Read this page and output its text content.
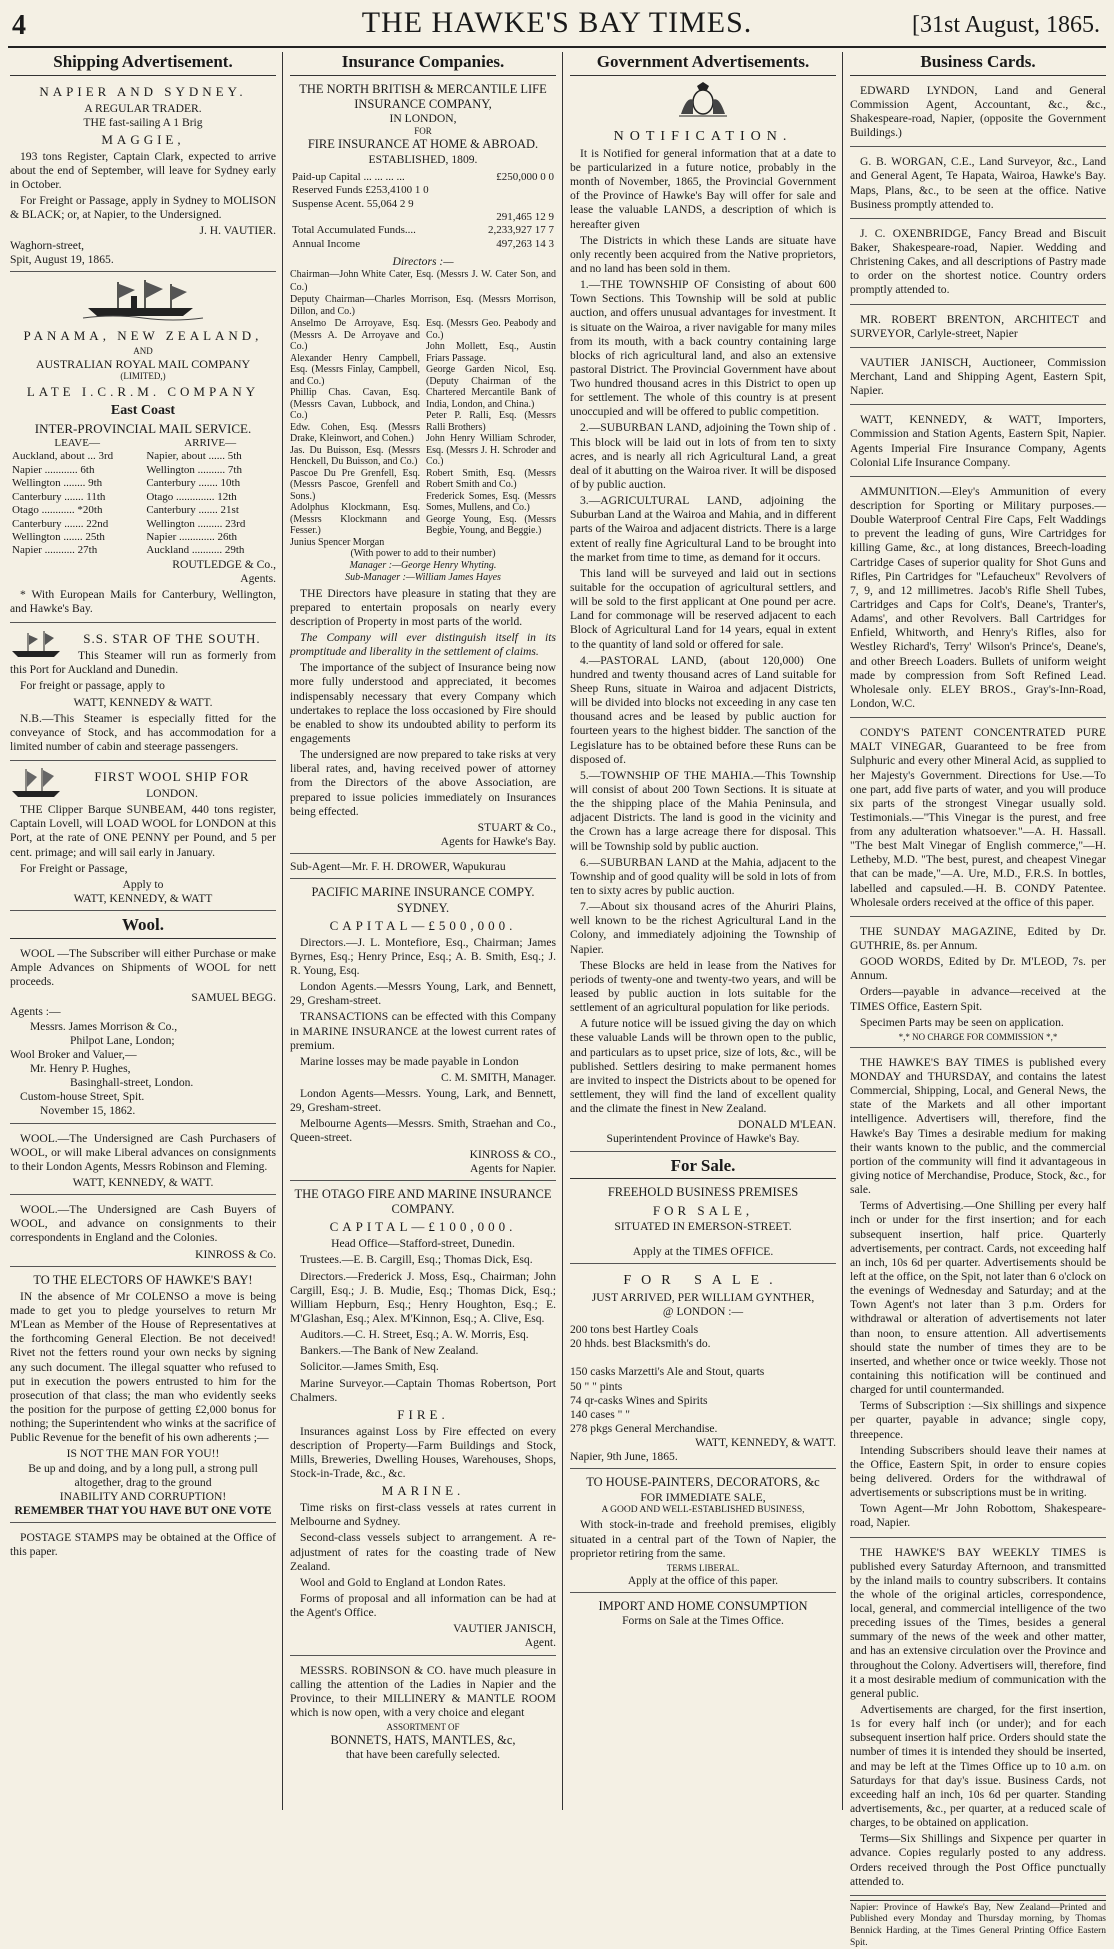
4	THE HAWKE'S BAY TIMES.	[31st August, 1865.
Shipping Advertisement.
NAPIER AND SYDNEY.
A REGULAR TRADER.
THE fast-sailing A 1 Brig
MAGGIE,

193 tons Register, Captain Clark, expected to arrive about the end of September, will leave for Sydney early in October.

For Freight or Passage, apply in Sydney to MOLISON & BLACK; or, at Napier, to the Undersigned.

J. H. VAUTIER.
Waghorn-street,
Spit, August 19, 1865.
PANAMA, NEW ZEALAND,
AND
AUSTRALIAN ROYAL MAIL COMPANY
(LIMITED,)
LATE I.C.R.M. COMPANY
East Coast
INTER-PROVINCIAL MAIL SERVICE.
LEAVE—	ARRIVE—
Auckland, about ... 3rd	Napier, about ...... 5th
Napier ............ 6th	Wellington .......... 7th
Wellington ........ 9th	Canterbury ....... 10th
Canterbury ....... 11th	Otago .............. 12th
Otago ............ *20th	Canterbury ....... 21st
Canterbury ....... 22nd	Wellington ......... 23rd
Wellington ....... 25th	Napier ............. 26th
Napier ........... 27th	Auckland ........... 29th
ROUTLEDGE & Co.,
Agents.

* With European Mails for Canterbury, Wellington, and Hawke's Bay.

S.S. STAR OF THE SOUTH.

This Steamer will run as formerly from this Port for Auckland and Dunedin.

For freight or passage, apply to

WATT, KENNEDY & WATT.

N.B.—This Steamer is especially fitted for the conveyance of Stock, and has accommodation for a limited number of cabin and steerage passengers.

FIRST WOOL SHIP FOR
LONDON.

THE Clipper Barque SUNBEAM, 440 tons register, Captain Lovell, will LOAD WOOL for LONDON at this Port, at the rate of ONE PENNY per Pound, and 5 per cent. primage; and will sail early in January.

For Freight or Passage,

Apply to
WATT, KENNEDY, & WATT
Wool.

WOOL —The Subscriber will either Purchase or make Ample Advances on Shipments of WOOL for nett proceeds.

SAMUEL BEGG.
Agents :—
Messrs. James Morrison & Co.,
Philpot Lane, London;
Wool Broker and Valuer,—
Mr. Henry P. Hughes,
Basinghall-street, London.
Custom-house Street, Spit.
November 15, 1862.

WOOL.—The Undersigned are Cash Purchasers of WOOL, or will make Liberal advances on consignments to their London Agents, Messrs Robinson and Fleming.

WATT, KENNEDY, & WATT.

WOOL.—The Undersigned are Cash Buyers of WOOL, and advance on consignments to their correspondents in England and the Colonies.

KINROSS & Co.
TO THE ELECTORS OF HAWKE'S BAY!

IN the absence of Mr COLENSO a move is being made to get you to pledge yourselves to return Mr M'Lean as Member of the House of Representatives at the forthcoming General Election. Be not deceived! Rivet not the fetters round your own necks by signing any such document. The illegal squatter who refused to put in execution the powers entrusted to him for the prosecution of that class; the man who evidently seeks the position for the purpose of getting £2,000 bonus for nothing; the Superintendent who winks at the sacrifice of Public Revenue for the benefit of his own adherents ;—

IS NOT THE MAN FOR YOU!!
Be up and doing, and by a long pull, a strong pull altogether, drag to the ground
INABILITY AND CORRUPTION!
REMEMBER THAT YOU HAVE BUT ONE VOTE

POSTAGE STAMPS may be obtained at the Office of this paper.

Insurance Companies.
THE NORTH BRITISH & MERCANTILE LIFE INSURANCE COMPANY,
IN LONDON,
FOR
FIRE INSURANCE AT HOME & ABROAD.
ESTABLISHED, 1809.
Paid-up Capital ... ... ... ...	£250,000 0 0
Reserved Funds £253,4100 1 0	
Suspense Acent. 55,064 2 9	
	291,465 12 9
Total Accumulated Funds....	2,233,927 17 7
Annual Income	497,263 14 3
Directors :—
Chairman—John White Cater, Esq. (Messrs J. W. Cater Son, and Co.)
Deputy Chairman—Charles Morrison, Esq. (Messrs Morrison, Dillon, and Co.)
Anselmo De Arroyave, Esq. (Messrs A. De Arroyave and Co.)
Alexander Henry Campbell, Esq. (Messrs Finlay, Campbell, and Co.)
Phillip Chas. Cavan, Esq. (Messrs Cavan, Lubbock, and Co.)
Edw. Cohen, Esq. (Messrs Drake, Kleinwort, and Cohen.)
Jas. Du Buisson, Esq. (Messrs Henckell, Du Buisson, and Co.)
Pascoe Du Pre Grenfell, Esq. (Messrs Pascoe, Grenfell and Sons.)
Adolphus Klockmann, Esq. (Messrs Klockmann and Fesser.)
Junius Spencer Morgan
Esq. (Messrs Geo. Peabody and Co.)
John Mollett, Esq., Austin Friars Passage.
George Garden Nicol, Esq. (Deputy Chairman of the Chartered Mercantile Bank of India, London, and China.)
Peter P. Ralli, Esq. (Messrs Ralli Brothers)
John Henry William Schroder, Esq. (Messrs J. H. Schroder and Co.)
Robert Smith, Esq. (Messrs Robert Smith and Co.)
Frederick Somes, Esq. (Messrs Somes, Mullens, and Co.)
George Young, Esq. (Messrs Begbie, Young, and Beggie.)
(With power to add to their number)
Manager :—George Henry Whyting.
Sub-Manager :—William James Hayes

THE Directors have pleasure in stating that they are prepared to entertain proposals on nearly every description of Property in most parts of the world.

The Company will ever distinguish itself in its promptitude and liberality in the settlement of claims.

The importance of the subject of Insurance being now more fully understood and appreciated, it becomes indispensably necessary that every Company which undertakes to replace the loss occasioned by Fire should be enabled to show its undoubted ability to perform its engagements

The undersigned are now prepared to take risks at very liberal rates, and, having received power of attorney from the Directors of the above Association, are prepared to issue policies immediately on Insurances being effected.

STUART & Co.,
Agents for Hawke's Bay.
Sub-Agent—Mr. F. H. DROWER, Wapukurau
PACIFIC MARINE INSURANCE COMPY. SYDNEY.
CAPITAL—£500,000.

Directors.—J. L. Montefiore, Esq., Chairman; James Byrnes, Esq.; Henry Prince, Esq.; A. B. Smith, Esq.; J. R. Young, Esq.

London Agents.—Messrs Young, Lark, and Bennett, 29, Gresham-street.

TRANSACTIONS can be effected with this Company in MARINE INSURANCE at the lowest current rates of premium.

Marine losses may be made payable in London

C. M. SMITH, Manager.

London Agents—Messrs. Young, Lark, and Bennett, 29, Gresham-street.

Melbourne Agents—Messrs. Smith, Straehan and Co., Queen-street.

KINROSS & CO.,
Agents for Napier.
THE OTAGO FIRE AND MARINE INSURANCE COMPANY.
CAPITAL—£100,000.
Head Office—Stafford-street, Dunedin.

Trustees.—E. B. Cargill, Esq.; Thomas Dick, Esq.

Directors.—Frederick J. Moss, Esq., Chairman; John Cargill, Esq.; J. B. Mudie, Esq.; Thomas Dick, Esq.; William Hepburn, Esq.; Henry Houghton, Esq.; E. M'Glashan, Esq.; Alex. M'Kinnon, Esq.; A. Clive, Esq.

Auditors.—C. H. Street, Esq.; A. W. Morris, Esq.

Bankers.—The Bank of New Zealand.

Solicitor.—James Smith, Esq.

Marine Surveyor.—Captain Thomas Robertson, Port Chalmers.

FIRE.

Insurances against Loss by Fire effected on every description of Property—Farm Buildings and Stock, Mills, Breweries, Dwelling Houses, Warehouses, Shops, Stock-in-Trade, &c., &c.

MARINE.

Time risks on first-class vessels at rates current in Melbourne and Sydney.

Second-class vessels subject to arrangement. A re-adjustment of rates for the coasting trade of New Zealand.

Wool and Gold to England at London Rates.

Forms of proposal and all information can be had at the Agent's Office.

VAUTIER JANISCH,
Agent.

MESSRS. ROBINSON & CO. have much pleasure in calling the attention of the Ladies in Napier and the Province, to their MILLINERY & MANTLE ROOM which is now open, with a very choice and elegant

ASSORTMENT OF
BONNETS, HATS, MANTLES, &c,
that have been carefully selected.
Government Advertisements.
NOTIFICATION.

It is Notified for general information that at a date to be particularized in a future notice, probably in the month of November, 1865, the Provincial Government of the Province of Hawke's Bay will offer for sale and lease the valuable LANDS, a description of which is hereafter given

The Districts in which these Lands are situate have only recently been acquired from the Native proprietors, and no land has been sold in them.

1.—THE TOWNSHIP OF Consisting of about 600 Town Sections. This Township will be sold at public auction, and offers unusual advantages for investment. It is situate on the Wairoa, a river navigable for many miles from its mouth, with a back country containing large blocks of rich agricultural land, and also an extensive pastoral District. The Provincial Government have about Two hundred thousand acres in this District to open up for settlement. The whole of this country is at present unoccupied and will be offered to public competition.

2.—SUBURBAN LAND, adjoining the Town ship of . This block will be laid out in lots of from ten to sixty acres, and is nearly all rich Agricultural Land, a great deal of it abutting on the Wairoa river. It will be disposed of by public auction.

3.—AGRICULTURAL LAND, adjoining the Suburban Land at the Wairoa and Mahia, and in different parts of the Wairoa and adjacent districts. There is a large extent of really fine Agricultural Land to be brought into the market from time to time, as demand for it occurs.

This land will be surveyed and laid out in sections suitable for the occupation of agricultural settlers, and will be sold to the first applicant at One pound per acre. Land for commonage will be reserved adjacent to each Block of Agricultural Land for 14 years, equal in extent to the quantity of land sold or offered for sale.

4.—PASTORAL LAND, (about 120,000) One hundred and twenty thousand acres of Land suitable for Sheep Runs, situate in Wairoa and adjacent Districts, will be divided into blocks not exceeding in any case ten thousand acres and be leased by public auction for fourteen years to the highest bidder. The sanction of the Legislature has to be obtained before these Runs can be disposed of.

5.—TOWNSHIP OF THE MAHIA.—This Township will consist of about 200 Town Sections. It is situate at the the shipping place of the Mahia Peninsula, and adjacent Districts. The land is good in the vicinity and the Crown has a large acreage there for disposal. This will be Township sold by public auction.

6.—SUBURBAN LAND at the Mahia, adjacent to the Township and of good quality will be sold in lots of from ten to sixty acres by public auction.

7.—About six thousand acres of the Ahuriri Plains, well known to be the richest Agricultural Land in the Colony, and immediately adjoining the Township of Napier.

These Blocks are held in lease from the Natives for periods of twenty-one and twenty-two years, and will be leased by public auction in lots suitable for the settlement of an agricultural population for like periods.

A future notice will be issued giving the day on which these valuable Lands will be thrown open to the public, and particulars as to upset price, size of lots, &c., will be published. Settlers desiring to make permanent homes are invited to inspect the Districts about to be opened for settlement, they will find the land of excellent quality and the climate the finest in New Zealand.

DONALD M'LEAN.
Superintendent Province of Hawke's Bay.
For Sale.
FREEHOLD BUSINESS PREMISES
FOR SALE,
SITUATED IN EMERSON-STREET.
Apply at the TIMES OFFICE.
FOR SALE.
JUST ARRIVED, PER WILLIAM GYNTHER,
@ LONDON :—
200 tons best Hartley Coals
20 hhds. best Blacksmith's do.

150 casks Marzetti's Ale and Stout, quarts
50 " " pints
74 qr-casks Wines and Spirits
140 cases " "
278 pkgs General Merchandise.
WATT, KENNEDY, & WATT.
Napier, 9th June, 1865.
TO HOUSE-PAINTERS, DECORATORS, &c
FOR IMMEDIATE SALE,
A GOOD AND WELL-ESTABLISHED BUSINESS,

With stock-in-trade and freehold premises, eligibly situated in a central part of the Town of Napier, the proprietor retiring from the same.

TERMS LIBERAL.
Apply at the office of this paper.
IMPORT AND HOME CONSUMPTION
Forms on Sale at the Times Office.
Business Cards.

EDWARD LYNDON, Land and General Commission Agent, Accountant, &c., &c., Shakespeare-road, Napier, (opposite the Government Buildings.)

G. B. WORGAN, C.E., Land Surveyor, &c., Land and General Agent, Te Hapata, Wairoa, Hawke's Bay. Maps, Plans, &c., to be seen at the office. Native Business promptly attended to.

J. C. OXENBRIDGE, Fancy Bread and Biscuit Baker, Shakespeare-road, Napier. Wedding and Christening Cakes, and all descriptions of Pastry made to order on the shortest notice. Country orders promptly attended to.

MR. ROBERT BRENTON, ARCHITECT and SURVEYOR, Carlyle-street, Napier

VAUTIER JANISCH, Auctioneer, Commission Merchant, Land and Shipping Agent, Eastern Spit, Napier.

WATT, KENNEDY, & WATT, Importers, Commission and Station Agents, Eastern Spit, Napier. Agents Imperial Fire Insurance Company, Agents Colonial Life Insurance Company.

AMMUNITION.—Eley's Ammunition of every description for Sporting or Military purposes.—Double Waterproof Central Fire Caps, Felt Waddings to prevent the leading of guns, Wire Cartridges for killing Game, &c., at long distances, Breech-loading Cartridge Cases of superior quality for Shot Guns and Rifles, Pin Cartridges for "Lefaucheux" Revolvers of 7, 9, and 12 millimetres. Jacob's Rifle Shell Tubes, Cartridges and Caps for Colt's, Deane's, Tranter's, Adams', and other Revolvers. Ball Cartridges for Enfield, Whitworth, and Henry's Rifles, also for Westley Richard's, Terry' Wilson's Prince's, Deane's, and other Breech Loaders. Bullets of uniform weight made by compression from Soft Refined Lead. Wholesale only. ELEY BROS., Gray's-Inn-Road, London, W.C.

CONDY'S PATENT CONCENTRATED PURE MALT VINEGAR, Guaranteed to be free from Sulphuric and every other Mineral Acid, as supplied to her Majesty's Government. Directions for Use.—To one part, add five parts of water, and you will produce six parts of the strongest Vinegar usually sold. Testimonials.—"This Vinegar is the purest, and free from any adulteration whatsoever."—A. H. Hassall. "The best Malt Vinegar of English commerce,"—H. Letheby, M.D. "The best, purest, and cheapest Vinegar that can be made,"—A. Ure, M.D., F.R.S. In bottles, labelled and capsuled.—H. B. CONDY Patentee. Wholesale orders received at the office of this paper.

THE SUNDAY MAGAZINE, Edited by Dr. GUTHRIE, 8s. per Annum.

GOOD WORDS, Edited by Dr. M'LEOD, 7s. per Annum.

Orders—payable in advance—received at the TIMES Office, Eastern Spit.

Specimen Parts may be seen on application.

*,* NO CHARGE FOR COMMISSION *,*

THE HAWKE'S BAY TIMES is published every MONDAY and THURSDAY, and contains the latest Commercial, Shipping, Local, and General News, the state of the Markets and all other important intelligence. Advertisers will, therefore, find the Hawke's Bay Times a desirable medium for making their wants known to the public, and the commercial portion of the community will find it advantageous in giving notice of Merchandise, Produce, Stock, &c., for sale.

Terms of Advertising.—One Shilling per every half inch or under for the first insertion; and for each subsequent insertion, half price. Quarterly advertisements, per contract. Cards, not exceeding half an inch, 10s 6d per quarter. Advertisements should be left at the office, on the Spit, not later than 6 o'clock on the evenings of Wednesday and Saturday; and at the Town Agent's not later than 3 p.m. Orders for withdrawal or alteration of advertisements not later than noon, to ensure attention. All advertisements should state the number of times they are to be inserted, and whether once or twice weekly. Those not containing this notification will be continued and charged for until countermanded.

Terms of Subscription :—Six shillings and sixpence per quarter, payable in advance; single copy, threepence.

Intending Subscribers should leave their names at the Office, Eastern Spit, in order to ensure copies being delivered. Orders for the withdrawal of advertisements or subscriptions must be in writing.

Town Agent—Mr John Robottom, Shakespeare-road, Napier.

THE HAWKE'S BAY WEEKLY TIMES is published every Saturday Afternoon, and transmitted by the inland mails to country subscribers. It contains the whole of the original articles, correspondence, local, general, and commercial intelligence of the two preceding issues of the Times, besides a general summary of the news of the week and other matter, and has an extensive circulation over the Province and throughout the Colony. Advertisers will, therefore, find it a most desirable medium of communication with the general public.

Advertisements are charged, for the first insertion, 1s for every half inch (or under); and for each subsequent insertion half price. Orders should state the number of times it is intended they should be inserted, and may be left at the Times Office up to 10 a.m. on Saturdays for that day's issue. Business Cards, not exceeding half an inch, 10s 6d per quarter. Standing advertisements, &c., per quarter, at a reduced scale of charges, to be obtained on application.

Terms—Six Shillings and Sixpence per quarter in advance. Copies regularly posted to any address. Orders received through the Post Office punctually attended to.

Napier: Province of Hawke's Bay, New Zealand—Printed and Published every Monday and Thursday morning, by Thomas Bennick Harding, at the Times General Printing Office Eastern Spit.
